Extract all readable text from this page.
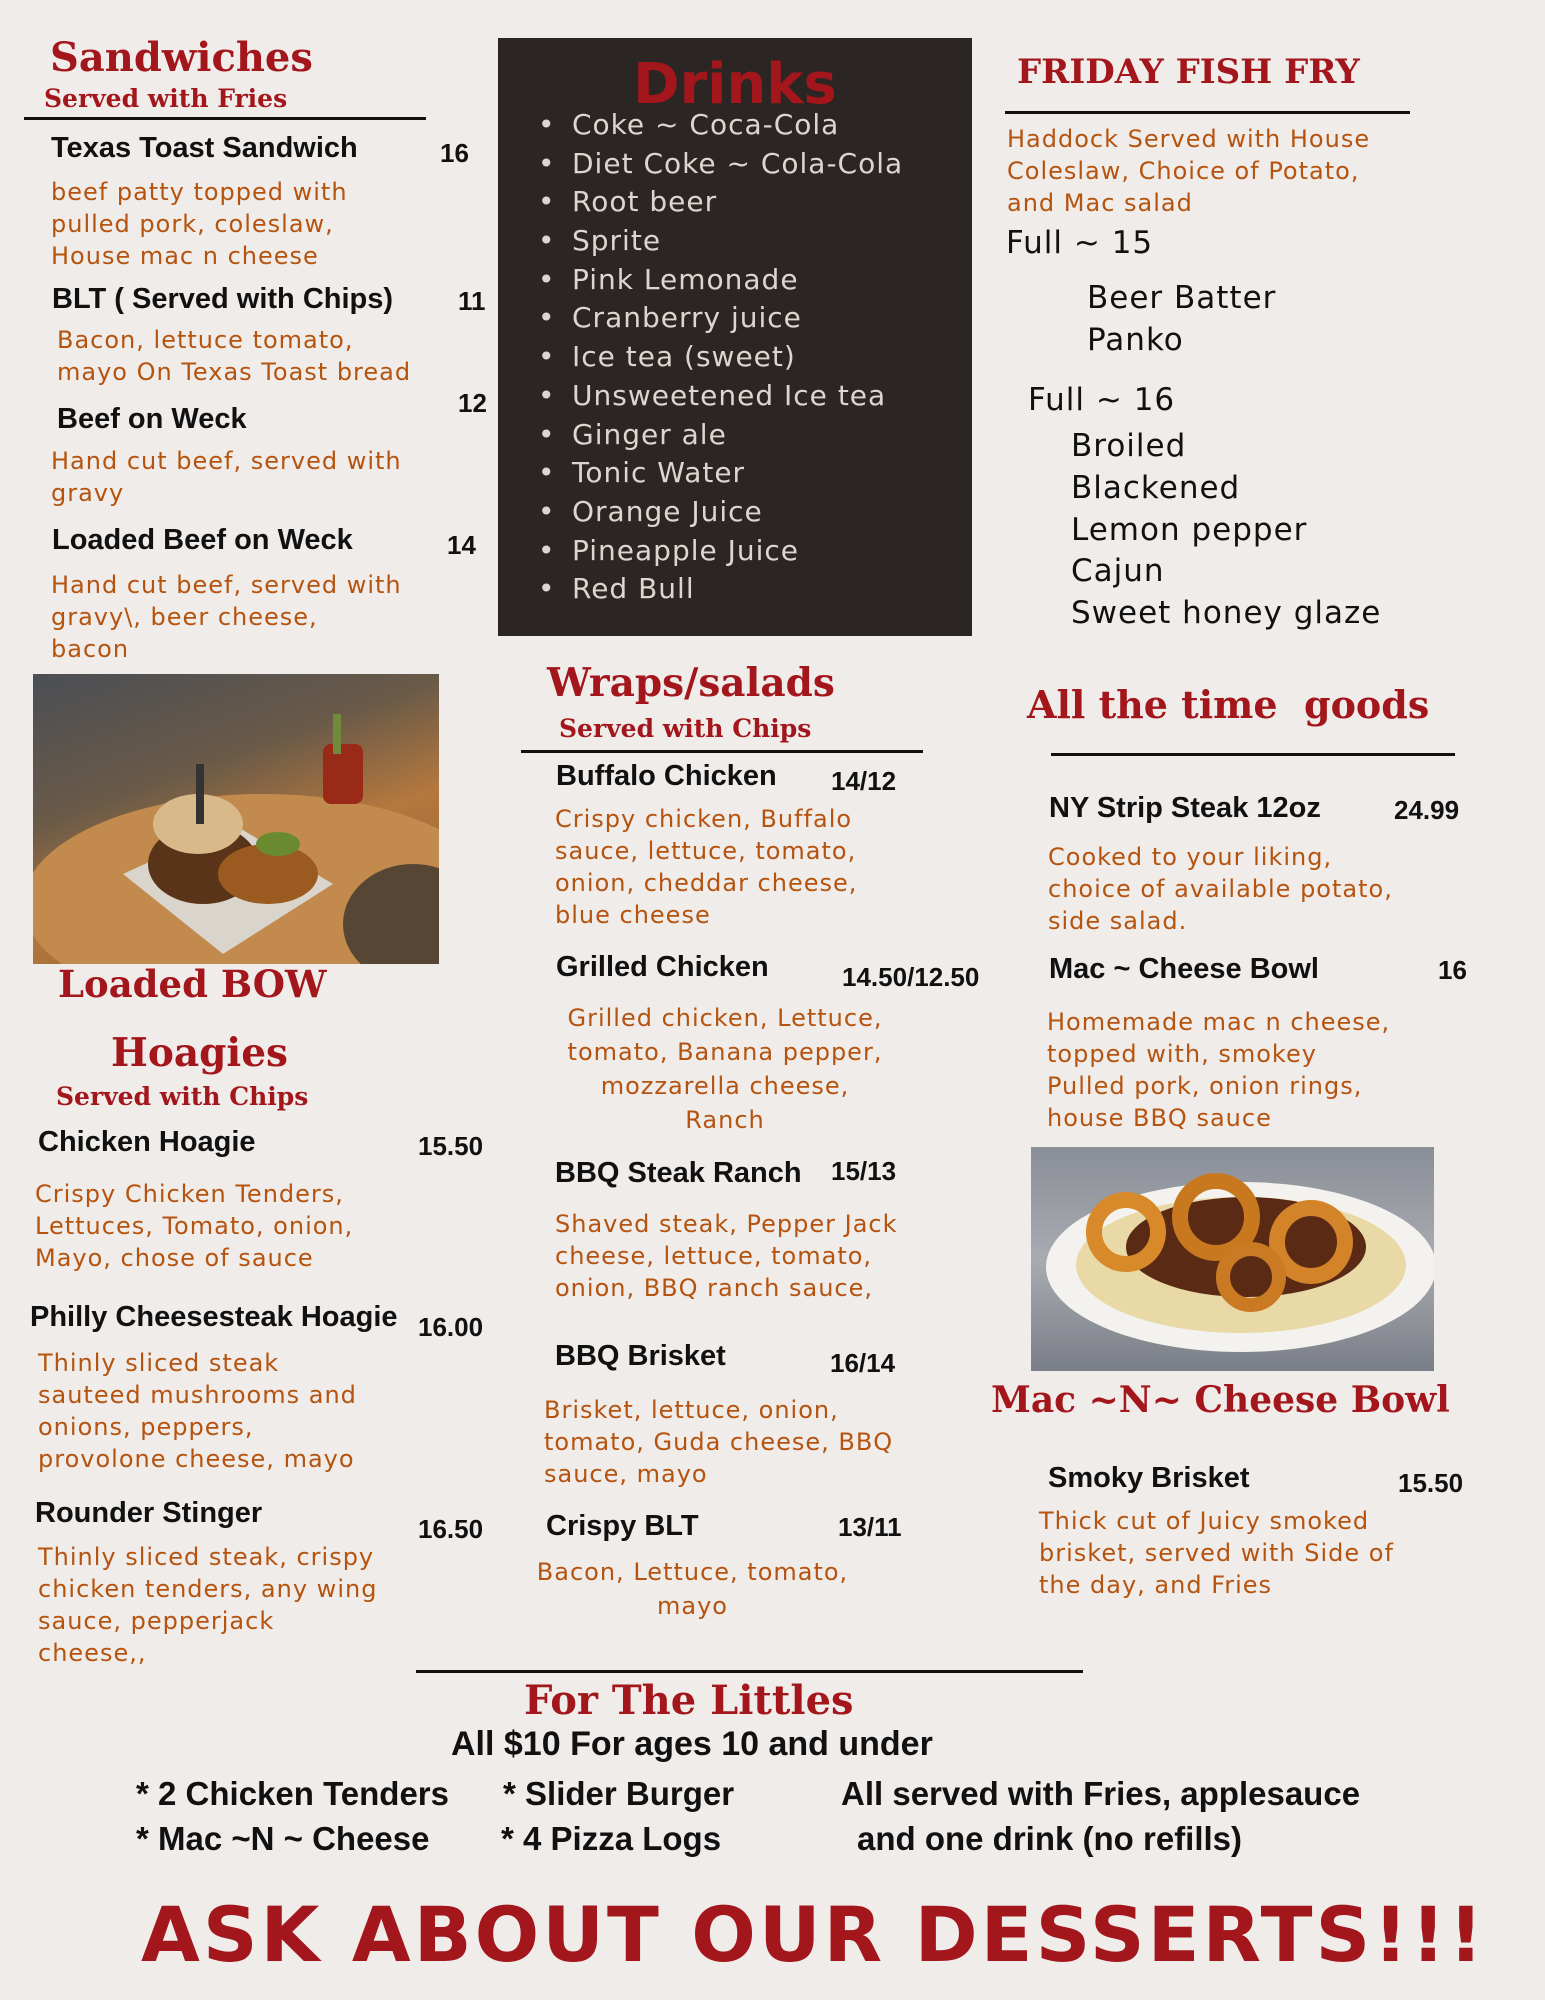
Sandwiches
Served with Fries
Texas Toast Sandwich	16
beef patty topped with
pulled pork, coleslaw,
House mac n cheese
BLT ( Served with Chips) 11
Bacon, lettuce tomato,
mayo On Texas Toast bread
Beef on Weck	12
Hand cut beef, served with
gravy
Loaded Beef on Weck	14
Hand cut beef, served with
gravy\, beer cheese,
bacon
Loaded BOW
Hoagies
Served with Chips
Chicken Hoagie	15.50
Crispy Chicken Tenders,
Lettuces, Tomato, onion,
Mayo, chose of sauce
Philly Cheesesteak Hoagie 16.00
Thinly sliced steak
sauteed mushrooms and
onions, peppers,
provolone cheese, mayo
Rounder Stinger	16.50
Thinly sliced steak, crispy
chicken tenders, any wing
sauce, pepperjack
cheese,,
Drinks
• Coke ~ Coca-Cola
• Diet Coke ~ Cola-Cola
• Root beer
• Sprite
• Pink Lemonade
• Cranberry juice
• Ice tea (sweet)
• Unsweetened Ice tea
• Ginger ale
• Tonic Water
• Orange Juice
• Pineapple Juice
• Red Bull
Wraps/salads
Served with Chips
Buffalo Chicken 14/12
Crispy chicken, Buffalo
sauce, lettuce, tomato,
onion, cheddar cheese,
blue cheese
Grilled Chicken	14.50/12.50
Grilled chicken, Lettuce,
tomato, Banana pepper,
mozzarella cheese,
Ranch
BBQ Steak Ranch 15/13
Shaved steak, Pepper Jack
cheese, lettuce, tomato,
onion, BBQ ranch sauce,
BBQ Brisket	16/14
Brisket, lettuce, onion,
tomato, Guda cheese, BBQ
sauce, mayo
Crispy BLT	13/11
Bacon, Lettuce, tomato,
mayo
FRIDAY FISH FRY
Haddock Served with House
Coleslaw, Choice of Potato,
and Mac salad
Full ~ 15
Beer Batter
Panko
Full ~ 16
Broiled
Blackened
Lemon pepper
Cajun
Sweet honey glaze
All the time  goods
NY Strip Steak 12oz	24.99
Cooked to your liking,
choice of available potato,
side salad.
Mac ~ Cheese Bowl	16
Homemade mac n cheese,
topped with, smokey
Pulled pork, onion rings,
house BBQ sauce
Mac ~N~ Cheese Bowl
Smoky Brisket	15.50
Thick cut of Juicy smoked
brisket, served with Side of
the day, and Fries
For The Littles
All $10 For ages 10 and under
* 2 Chicken Tenders
* Mac ~N ~ Cheese
* Slider Burger
* 4 Pizza Logs
All served with Fries, applesauce
and one drink (no refills)
ASK ABOUT OUR DESSERTS!!!
